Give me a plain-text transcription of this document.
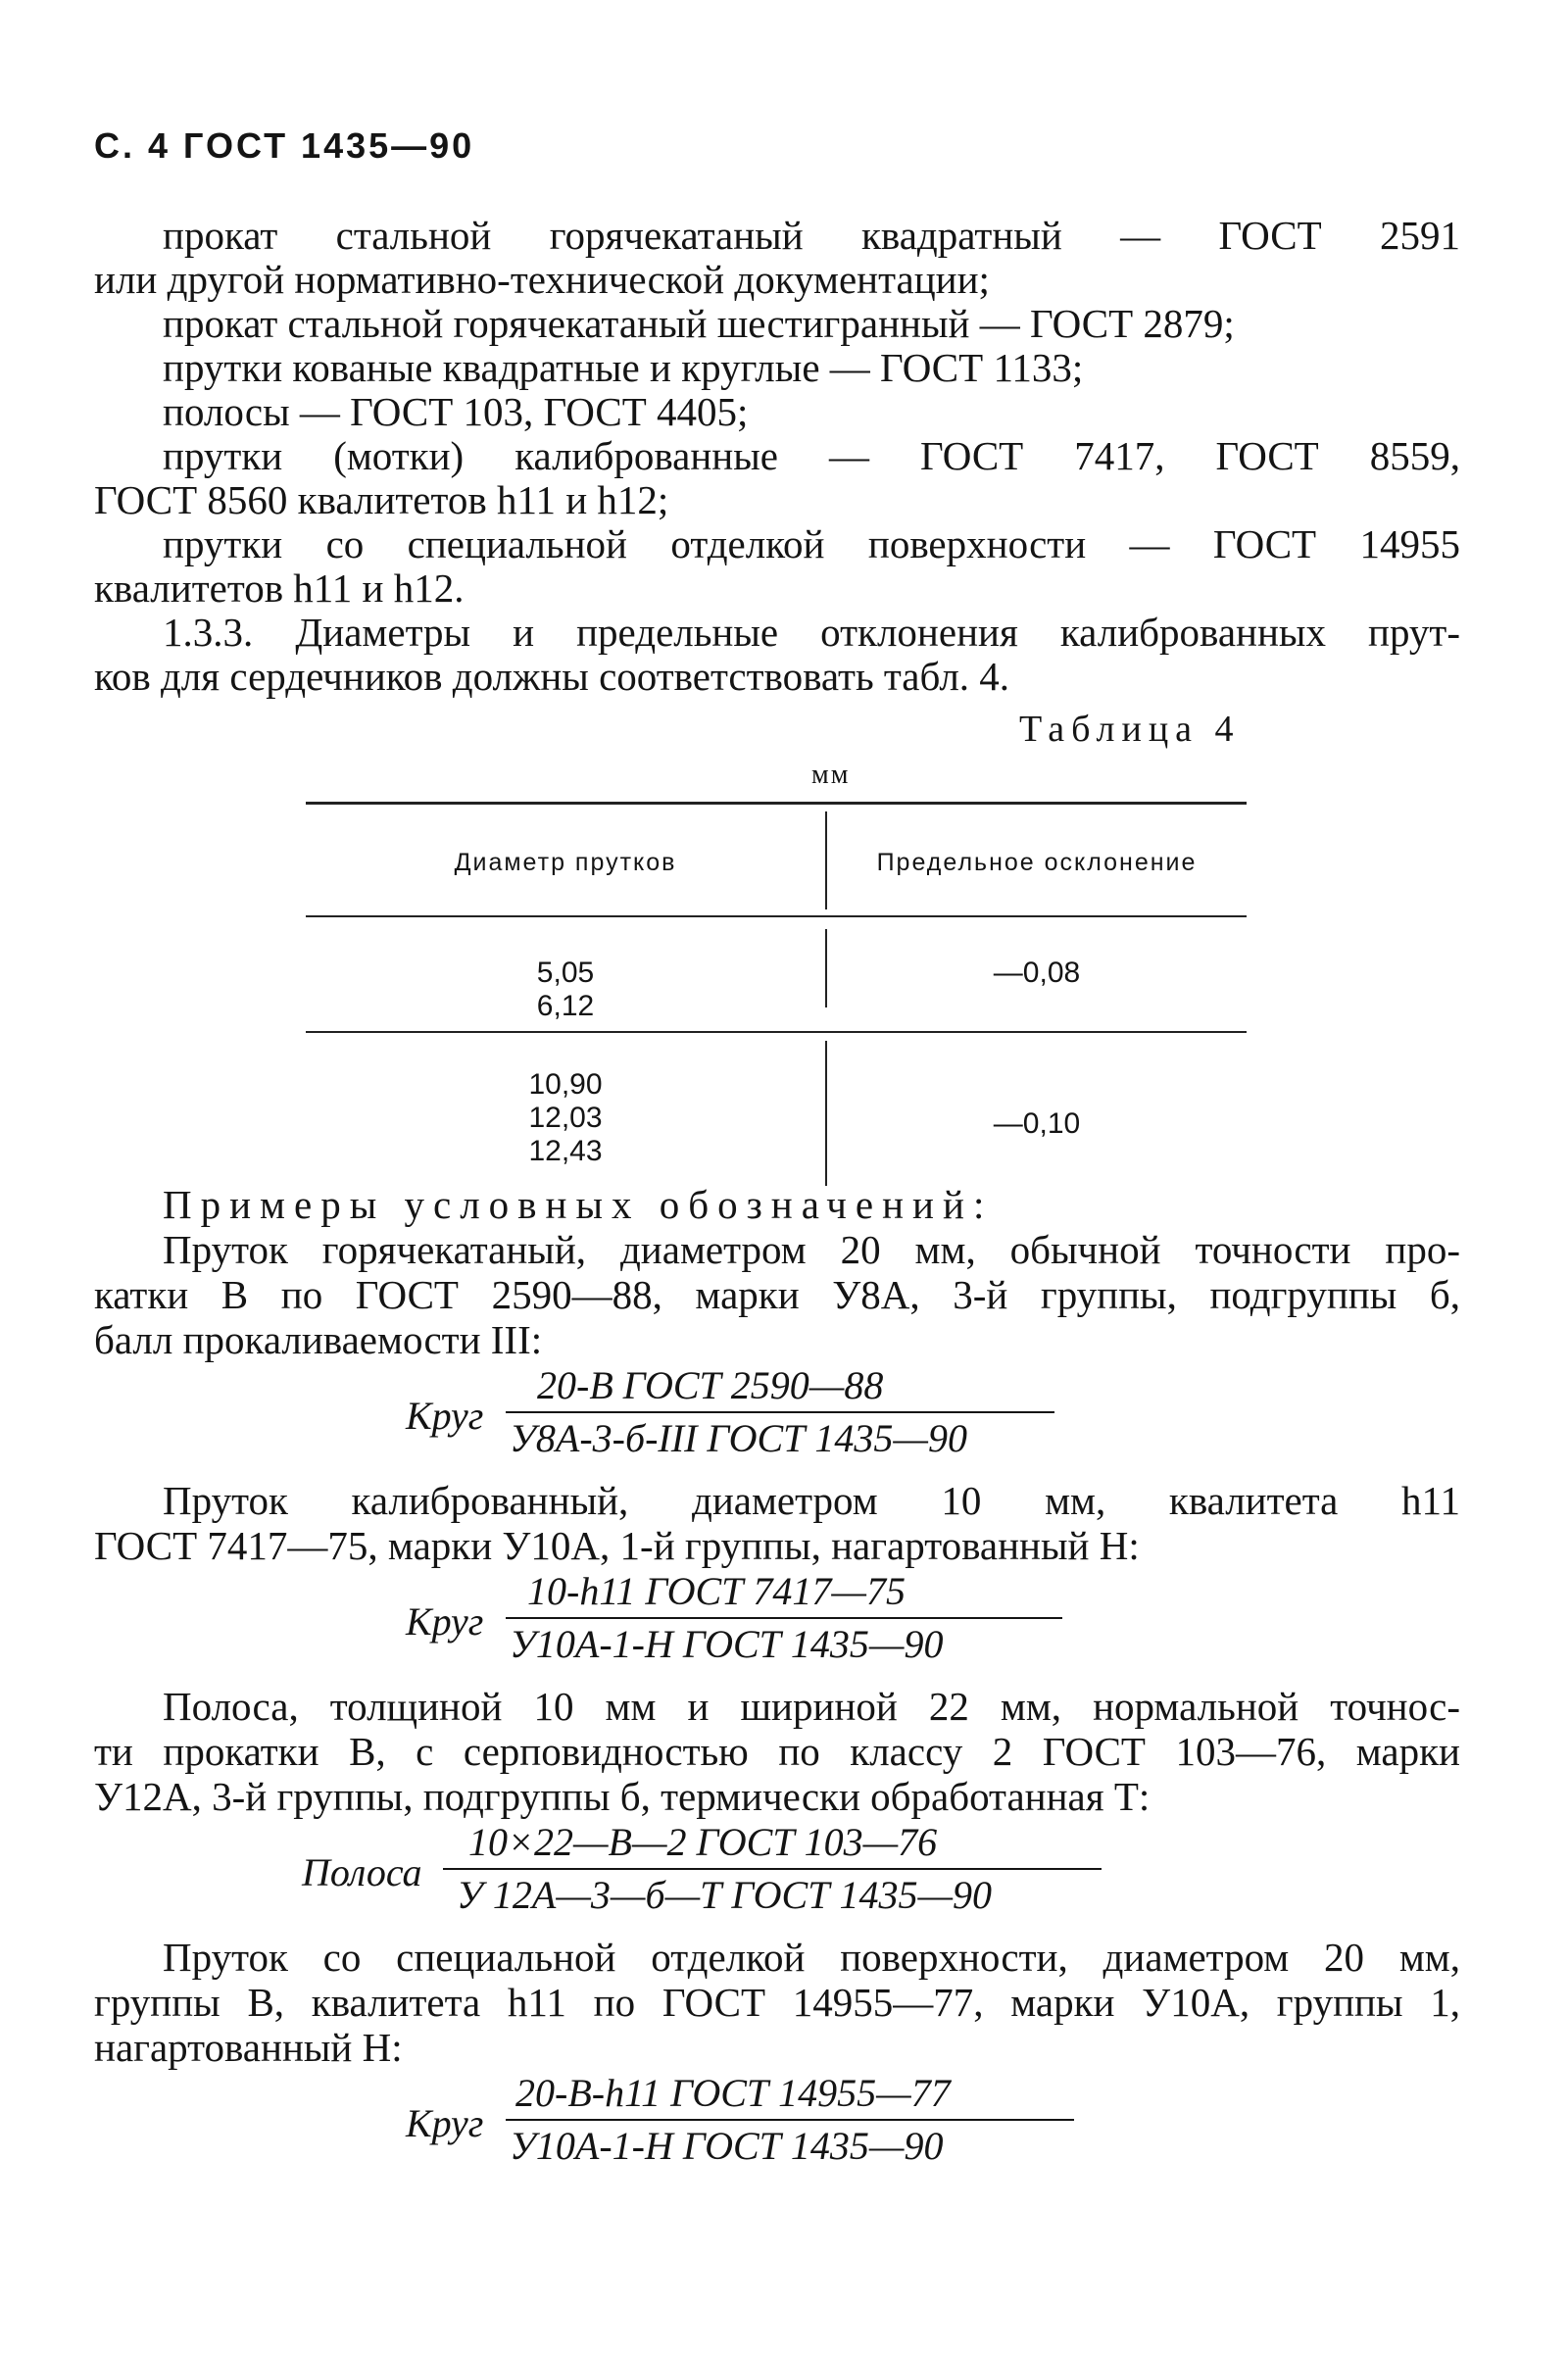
С. 4 ГОСТ 1435—90

прокат стальной горячекатаный квадратный — ГОСТ 2591

или другой нормативно-технической документации;

прокат стальной горячекатаный шестигранный — ГОСТ 2879;

прутки кованые квадратные и круглые — ГОСТ 1133;

полосы — ГОСТ 103, ГОСТ 4405;

прутки (мотки) калиброванные — ГОСТ 7417, ГОСТ 8559,

ГОСТ 8560 квалитетов h11 и h12;

прутки со специальной отделкой поверхности — ГОСТ 14955

квалитетов h11 и h12.

1.3.3. Диаметры и предельные отклонения калиброванных прут-

ков для сердечников должны соответствовать табл. 4.

Таблица 4
мм
Диаметр прутков	Предельное осклонение
5,05
6,12
—0,08
10,90
12,03
12,43
—0,10

Примеры условных обозначений:

Пруток горячекатаный, диаметром 20 мм, обычной точности про-

катки В по ГОСТ 2590—88, марки У8А, 3-й группы, подгруппы б,

балл прокаливаемости III:

Круг
20-В ГОСТ 2590—88
У8А-3-б-III ГОСТ 1435—90

Пруток калиброванный, диаметром 10 мм, квалитета h11

ГОСТ 7417—75, марки У10А, 1-й группы, нагартованный Н:

Круг
10-h11 ГОСТ 7417—75
У10А-1-Н ГОСТ 1435—90

Полоса, толщиной 10 мм и шириной 22 мм, нормальной точнос-

ти прокатки В, с серповидностью по классу 2 ГОСТ 103—76, марки

У12А, 3-й группы, подгруппы б, термически обработанная Т:

Полоса
10×22—В—2 ГОСТ 103—76
У 12А—3—б—Т ГОСТ 1435—90

Пруток со специальной отделкой поверхности, диаметром 20 мм,

группы В, квалитета h11 по ГОСТ 14955—77, марки У10А, группы 1,

нагартованный Н:

Круг
20-В-h11 ГОСТ 14955—77
У10А-1-Н ГОСТ 1435—90
